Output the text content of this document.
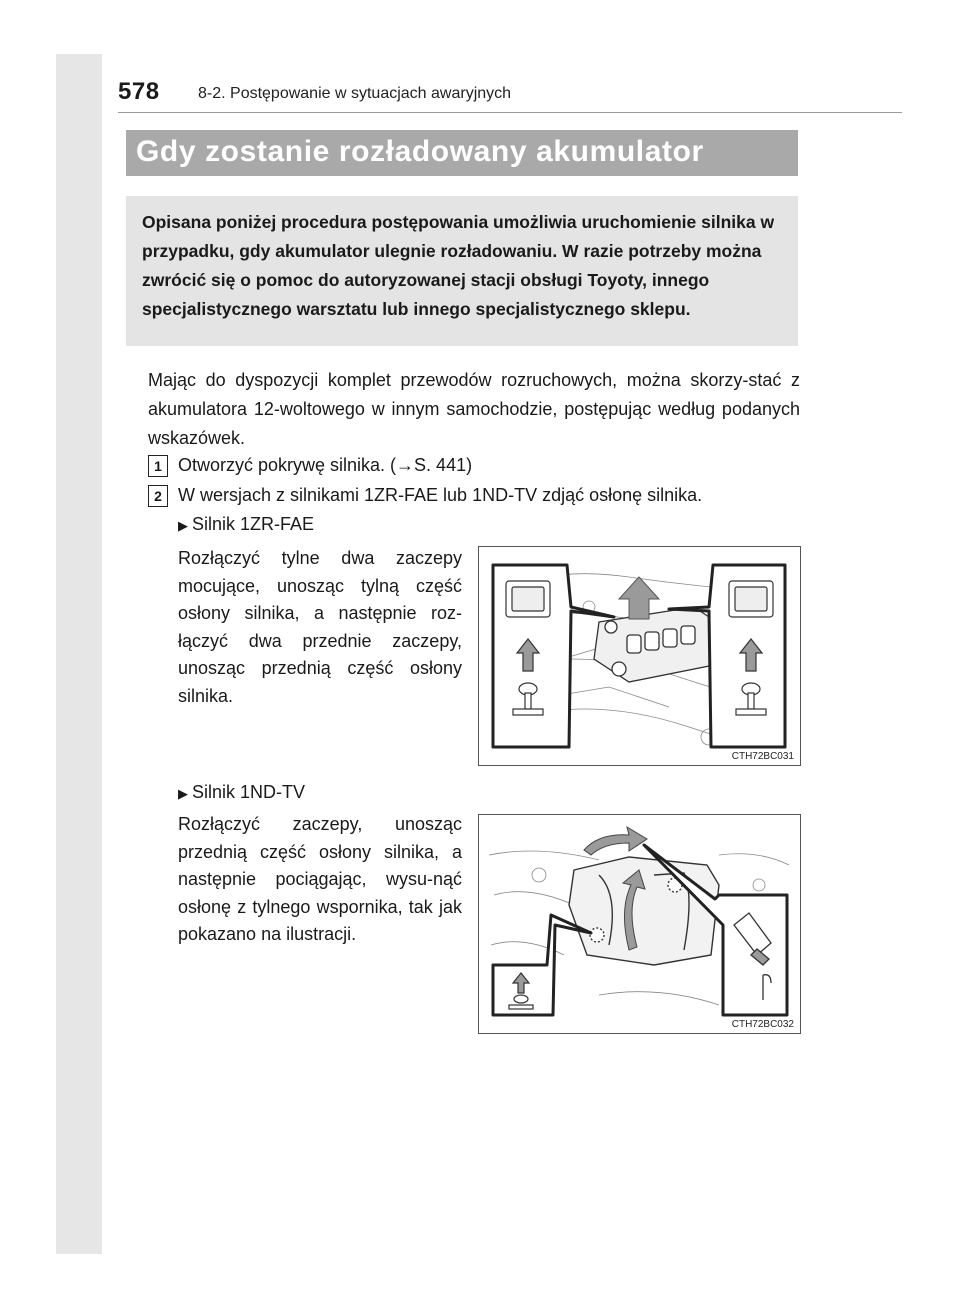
578 8-2. Postępowanie w sytuacjach awaryjnych
Gdy zostanie rozładowany akumulator

Opisana poniżej procedura postępowania umożliwia uruchomienie silnika w przypadku, gdy akumulator ulegnie rozładowaniu. W razie potrzeby można zwrócić się o pomoc do autoryzowanej stacji obsługi Toyoty, innego specjalistycznego warsztatu lub innego specjalistycznego sklepu.

Mając do dyspozycji komplet przewodów rozruchowych, można skorzy-stać z akumulatora 12-woltowego w innym samochodzie, postępując według podanych wskazówek.

1 Otworzyć pokrywę silnika. (→S. 441)
2 W wersjach z silnikami 1ZR-FAE lub 1ND-TV zdjąć osłonę silnika.
▶ Silnik 1ZR-FAE

Rozłączyć tylne dwa zaczepy mocujące, unosząc tylną część osłony silnika, a następnie roz-łączyć dwa przednie zaczepy, unosząc przednią część osłony silnika.

CTH72BC031
▶ Silnik 1ND-TV

Rozłączyć zaczepy, unosząc przednią część osłony silnika, a następnie pociągając, wysu-nąć osłonę z tylnego wspornika, tak jak pokazano na ilustracji.

CTH72BC032
